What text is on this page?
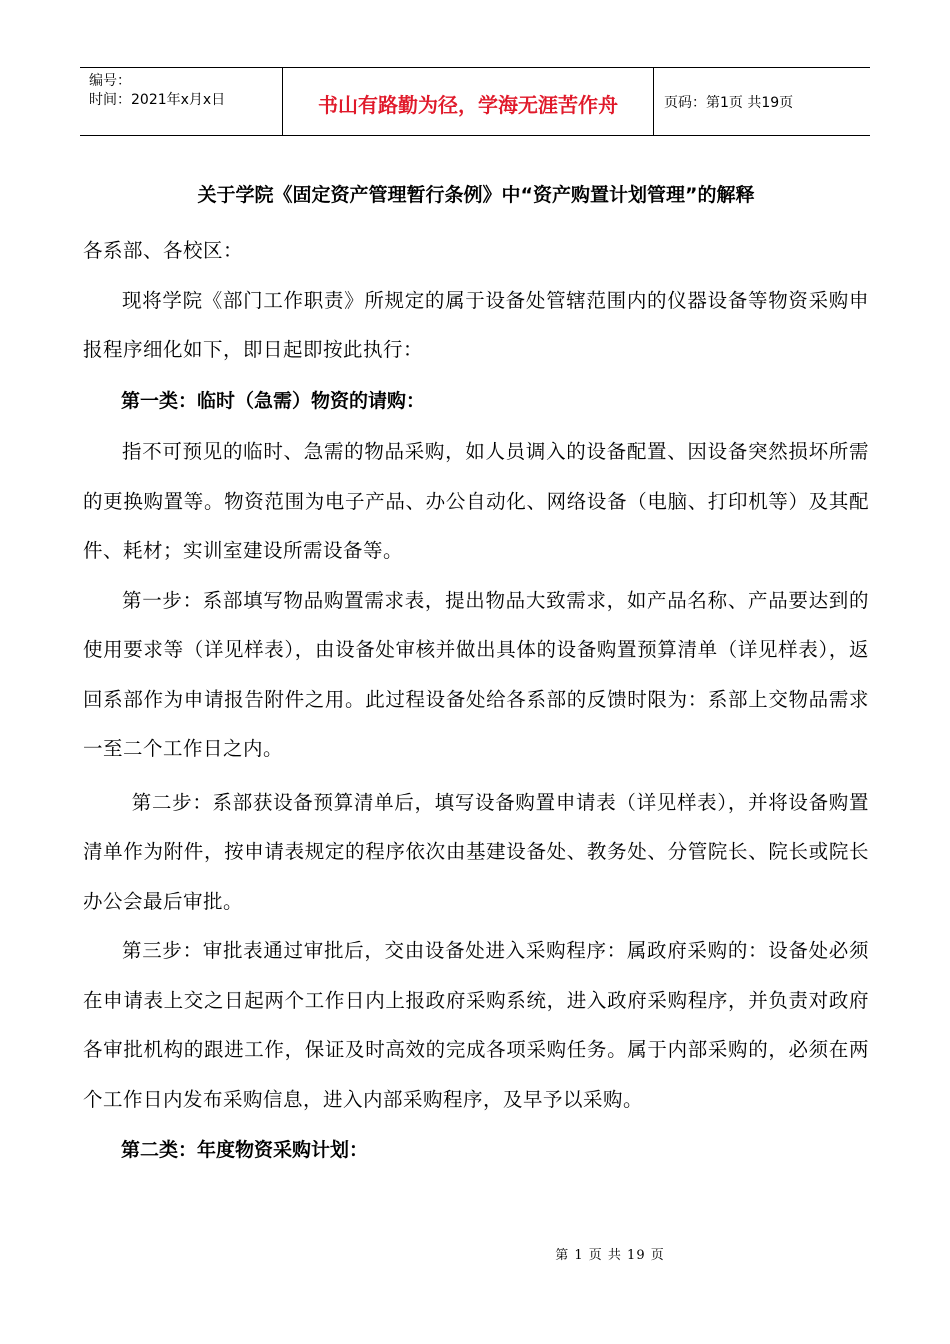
编号：
时间：2021年x月x日	书山有路勤为径，学海无涯苦作舟	页码：第1页 共19页
关于学院《固定资产管理暂行条例》中“资产购置计划管理”的解释

各系部、各校区：

现将学院《部门工作职责》所规定的属于设备处管辖范围内的仪器设备等物资采购申报程序细化如下，即日起即按此执行：

第一类：临时（急需）物资的请购：

指不可预见的临时、急需的物品采购，如人员调入的设备配置、因设备突然损坏所需的更换购置等。物资范围为电子产品、办公自动化、网络设备（电脑、打印机等）及其配件、耗材；实训室建设所需设备等。

第一步：系部填写物品购置需求表，提出物品大致需求，如产品名称、产品要达到的使用要求等（详见样表），由设备处审核并做出具体的设备购置预算清单（详见样表），返回系部作为申请报告附件之用。此过程设备处给各系部的反馈时限为：系部上交物品需求一至二个工作日之内。

第二步：系部获设备预算清单后，填写设备购置申请表（详见样表），并将设备购置清单作为附件，按申请表规定的程序依次由基建设备处、教务处、分管院长、院长或院长办公会最后审批。

第三步：审批表通过审批后，交由设备处进入采购程序：属政府采购的：设备处必须在申请表上交之日起两个工作日内上报政府采购系统，进入政府采购程序，并负责对政府各审批机构的跟进工作，保证及时高效的完成各项采购任务。属于内部采购的，必须在两个工作日内发布采购信息，进入内部采购程序，及早予以采购。

第二类：年度物资采购计划：

第 1 页 共 19 页
